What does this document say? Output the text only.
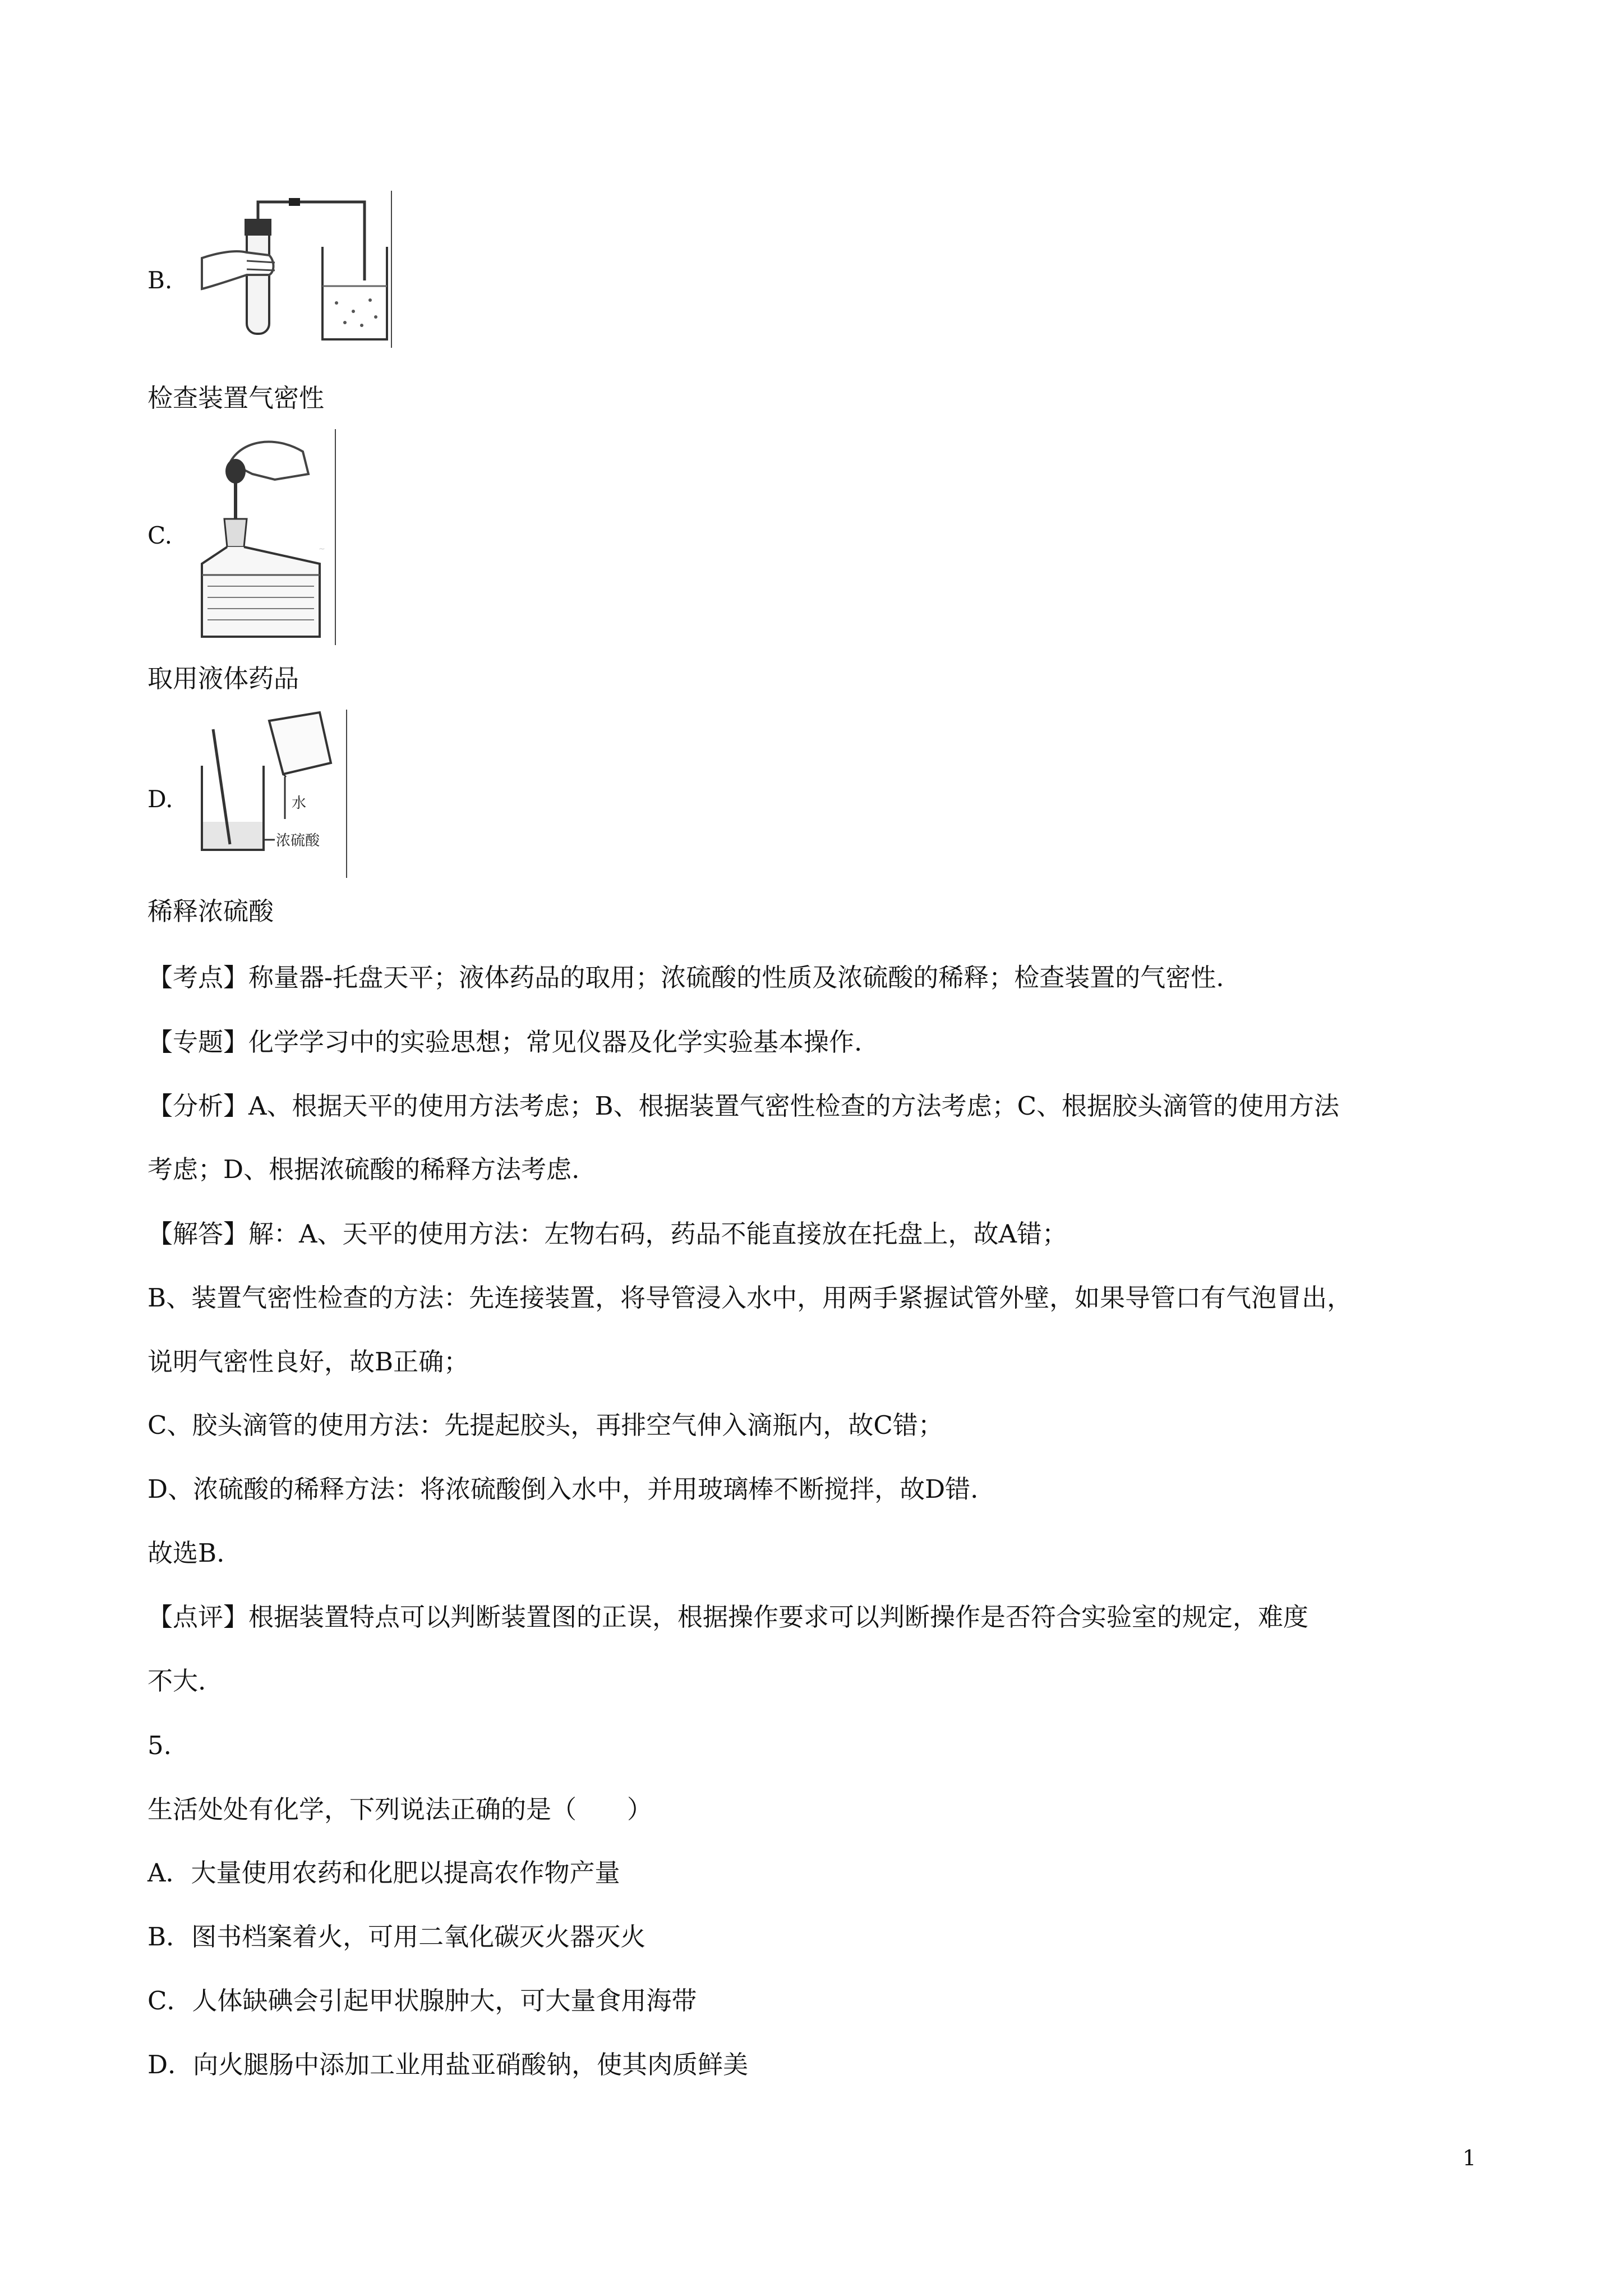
B.
检查装置气密性
C.	~
取用液体药品
D.	水
浓硫酸
稀释浓硫酸
【考点】称量器-托盘天平；液体药品的取用；浓硫酸的性质及浓硫酸的稀释；检查装置的气密性.
【专题】化学学习中的实验思想；常见仪器及化学实验基本操作.
【分析】A、根据天平的使用方法考虑；B、根据装置气密性检查的方法考虑；C、根据胶头滴管的使用方法
考虑；D、根据浓硫酸的稀释方法考虑.
【解答】解：A、天平的使用方法：左物右码，药品不能直接放在托盘上，故A错；
B、装置气密性检查的方法：先连接装置，将导管浸入水中，用两手紧握试管外壁，如果导管口有气泡冒出，
说明气密性良好，故B正确；
C、胶头滴管的使用方法：先提起胶头，再排空气伸入滴瓶内，故C错；
D、浓硫酸的稀释方法：将浓硫酸倒入水中，并用玻璃棒不断搅拌，故D错.
故选B.
【点评】根据装置特点可以判断装置图的正误，根据操作要求可以判断操作是否符合实验室的规定，难度
不大.
5.
生活处处有化学，下列说法正确的是（　　）
A．大量使用农药和化肥以提高农作物产量
B．图书档案着火，可用二氧化碳灭火器灭火
C．人体缺碘会引起甲状腺肿大，可大量食用海带
D．向火腿肠中添加工业用盐亚硝酸钠，使其肉质鲜美
1
